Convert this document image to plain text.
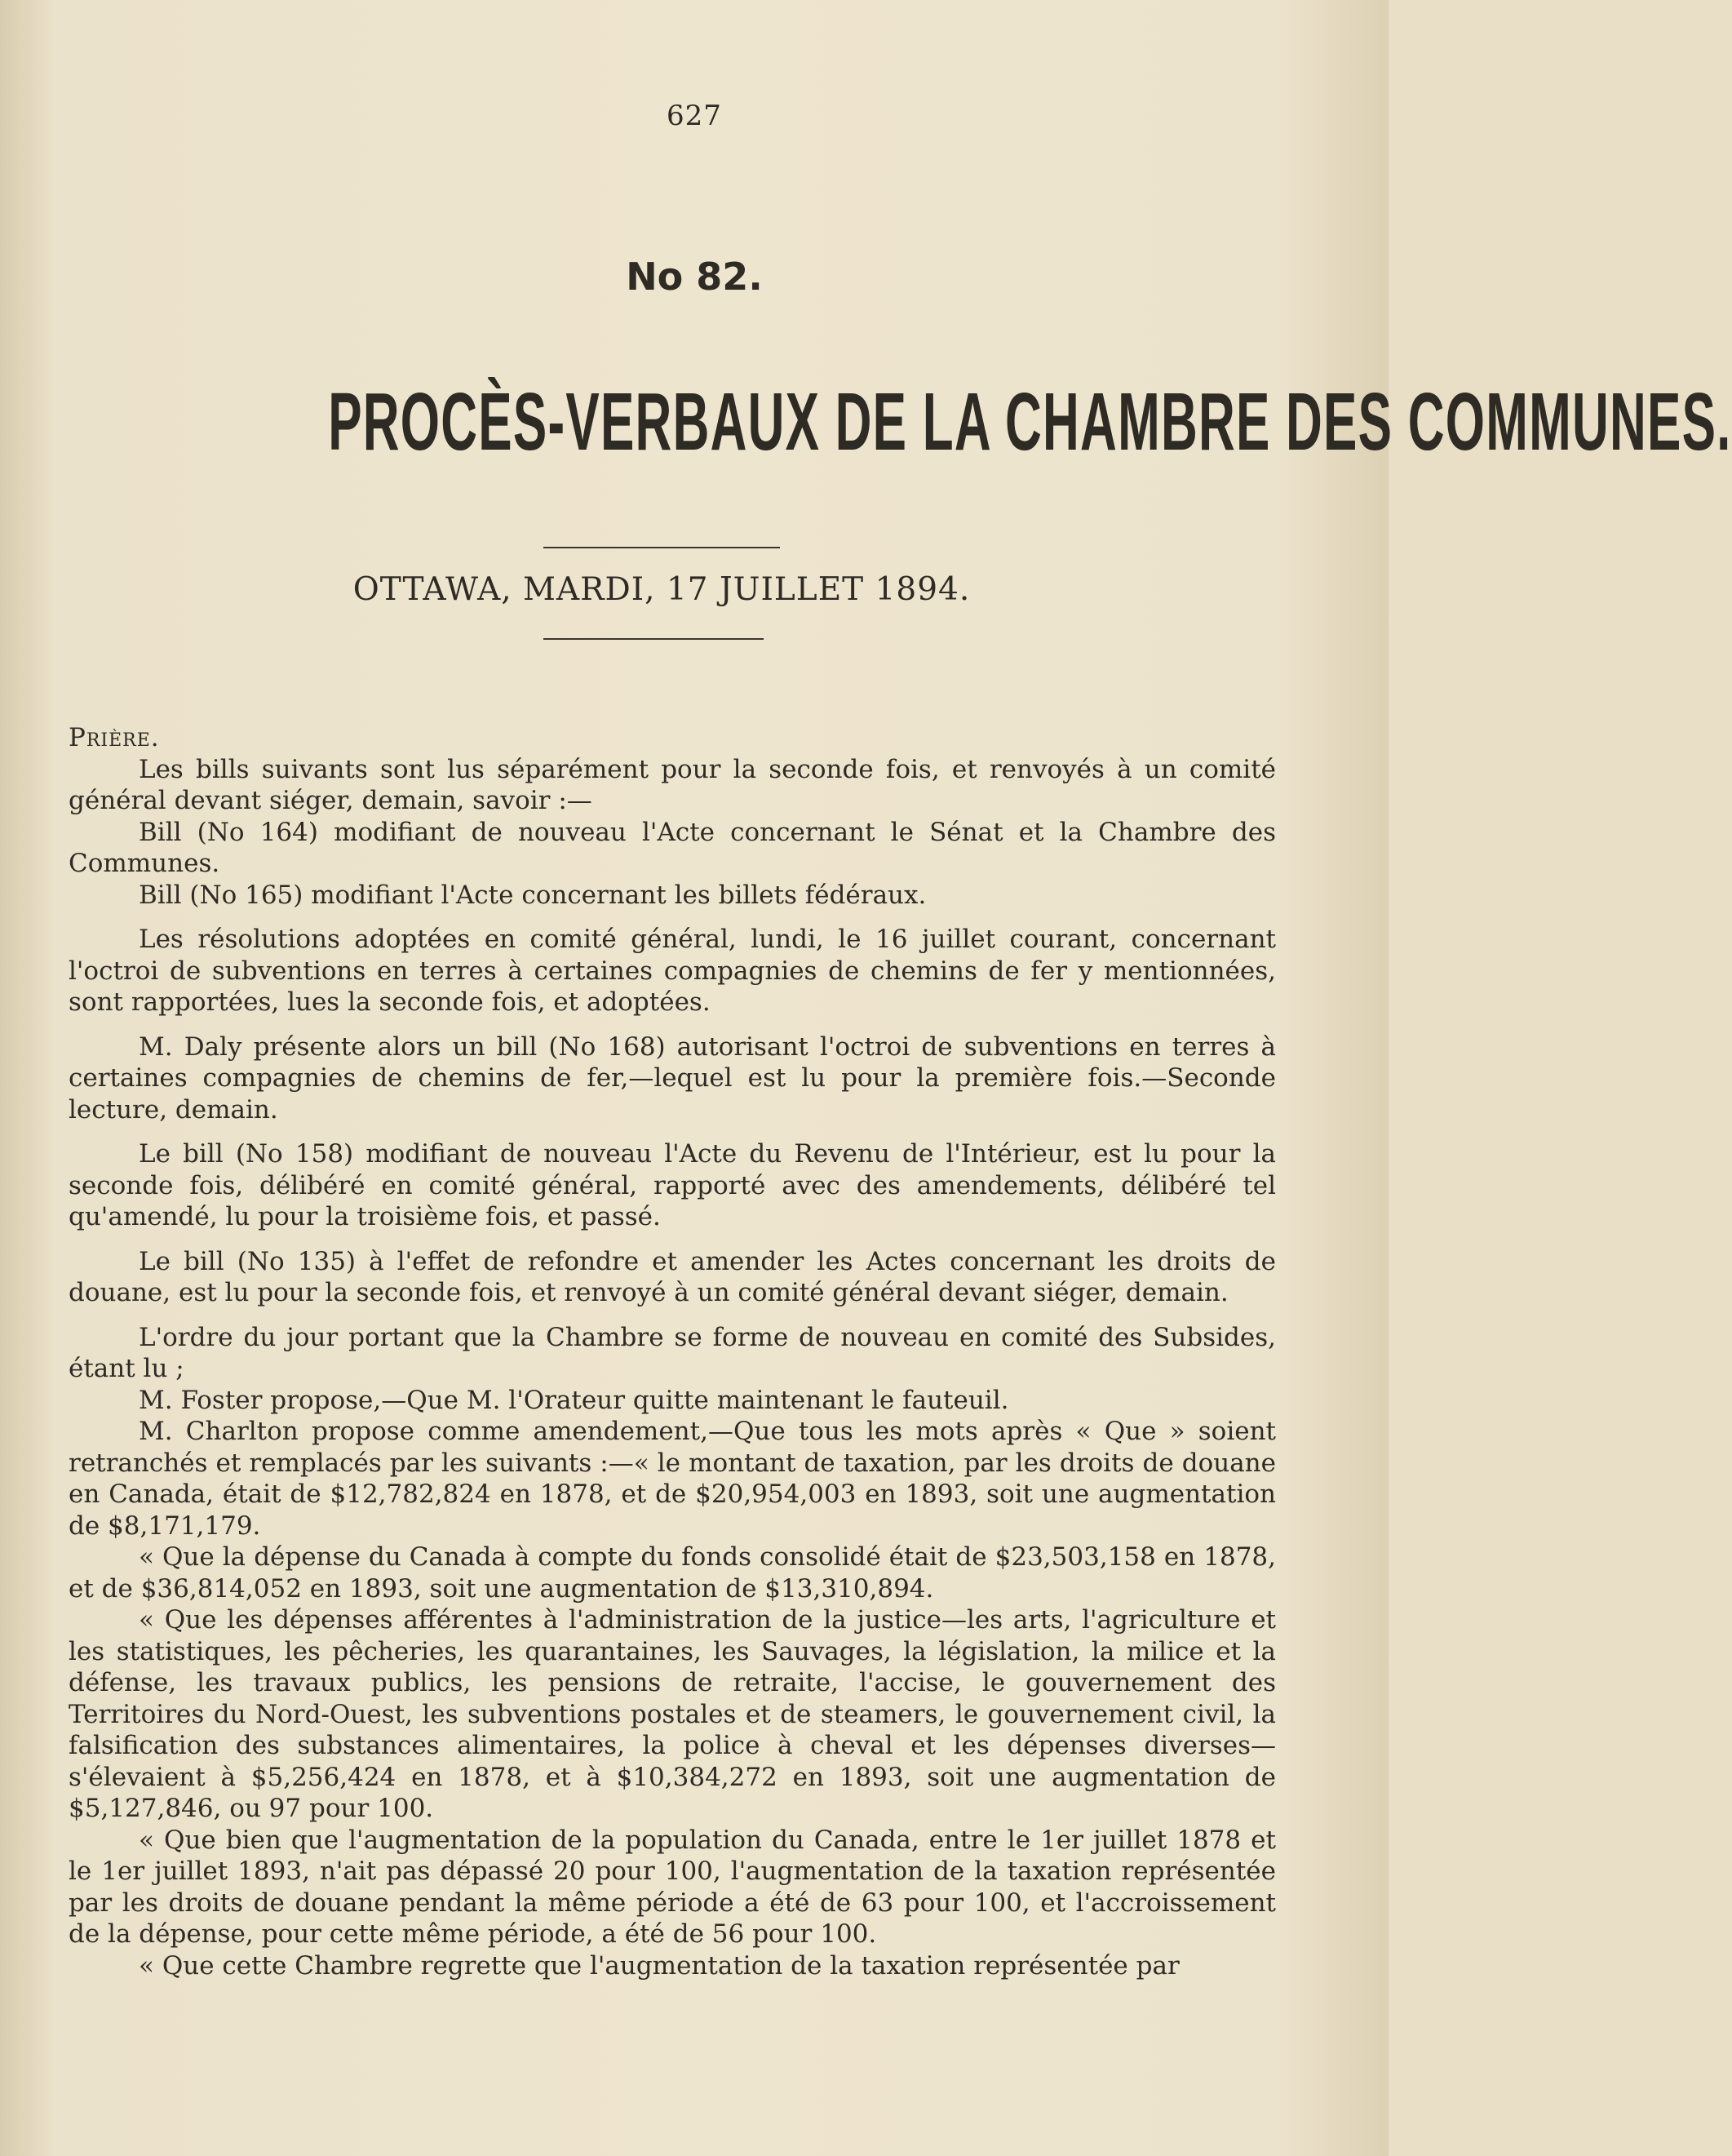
627
No 82.
PROCÈS-VERBAUX DE LA CHAMBRE DES COMMUNES.
OTTAWA, MARDI, 17 JUILLET 1894.

Prière.

Les bills suivants sont lus séparément pour la seconde fois, et renvoyés à un comité général devant siéger, demain, savoir :—

Bill (No 164) modifiant de nouveau l'Acte concernant le Sénat et la Chambre des Communes.

Bill (No 165) modifiant l'Acte concernant les billets fédéraux.

Les résolutions adoptées en comité général, lundi, le 16 juillet courant, concernant l'octroi de subventions en terres à certaines compagnies de chemins de fer y mentionnées, sont rapportées, lues la seconde fois, et adoptées.

M. Daly présente alors un bill (No 168) autorisant l'octroi de subventions en terres à certaines compagnies de chemins de fer,—lequel est lu pour la première fois.—Seconde lecture, demain.

Le bill (No 158) modifiant de nouveau l'Acte du Revenu de l'Intérieur, est lu pour la seconde fois, délibéré en comité général, rapporté avec des amendements, délibéré tel qu'amendé, lu pour la troisième fois, et passé.

Le bill (No 135) à l'effet de refondre et amender les Actes concernant les droits de douane, est lu pour la seconde fois, et renvoyé à un comité général devant siéger, demain.

L'ordre du jour portant que la Chambre se forme de nouveau en comité des Subsides, étant lu ;

M. Foster propose,—Que M. l'Orateur quitte maintenant le fauteuil.

M. Charlton propose comme amendement,—Que tous les mots après « Que » soient retranchés et remplacés par les suivants :—« le montant de taxation, par les droits de douane en Canada, était de $12,782,824 en 1878, et de $20,954,003 en 1893, soit une augmentation de $8,171,179.

« Que la dépense du Canada à compte du fonds consolidé était de $23,503,158 en 1878, et de $36,814,052 en 1893, soit une augmentation de $13,310,894.

« Que les dépenses afférentes à l'administration de la justice—les arts, l'agriculture et les statistiques, les pêcheries, les quarantaines, les Sauvages, la législation, la milice et la défense, les travaux publics, les pensions de retraite, l'accise, le gouvernement des Territoires du Nord-Ouest, les subventions postales et de steamers, le gouvernement civil, la falsification des substances alimentaires, la police à cheval et les dépenses diverses—s'élevaient à $5,256,424 en 1878, et à $10,384,272 en 1893, soit une augmentation de $5,127,846, ou 97 pour 100.

« Que bien que l'augmentation de la population du Canada, entre le 1er juillet 1878 et le 1er juillet 1893, n'ait pas dépassé 20 pour 100, l'augmentation de la taxation représentée par les droits de douane pendant la même période a été de 63 pour 100, et l'accroissement de la dépense, pour cette même période, a été de 56 pour 100.

« Que cette Chambre regrette que l'augmentation de la taxation représentée par
